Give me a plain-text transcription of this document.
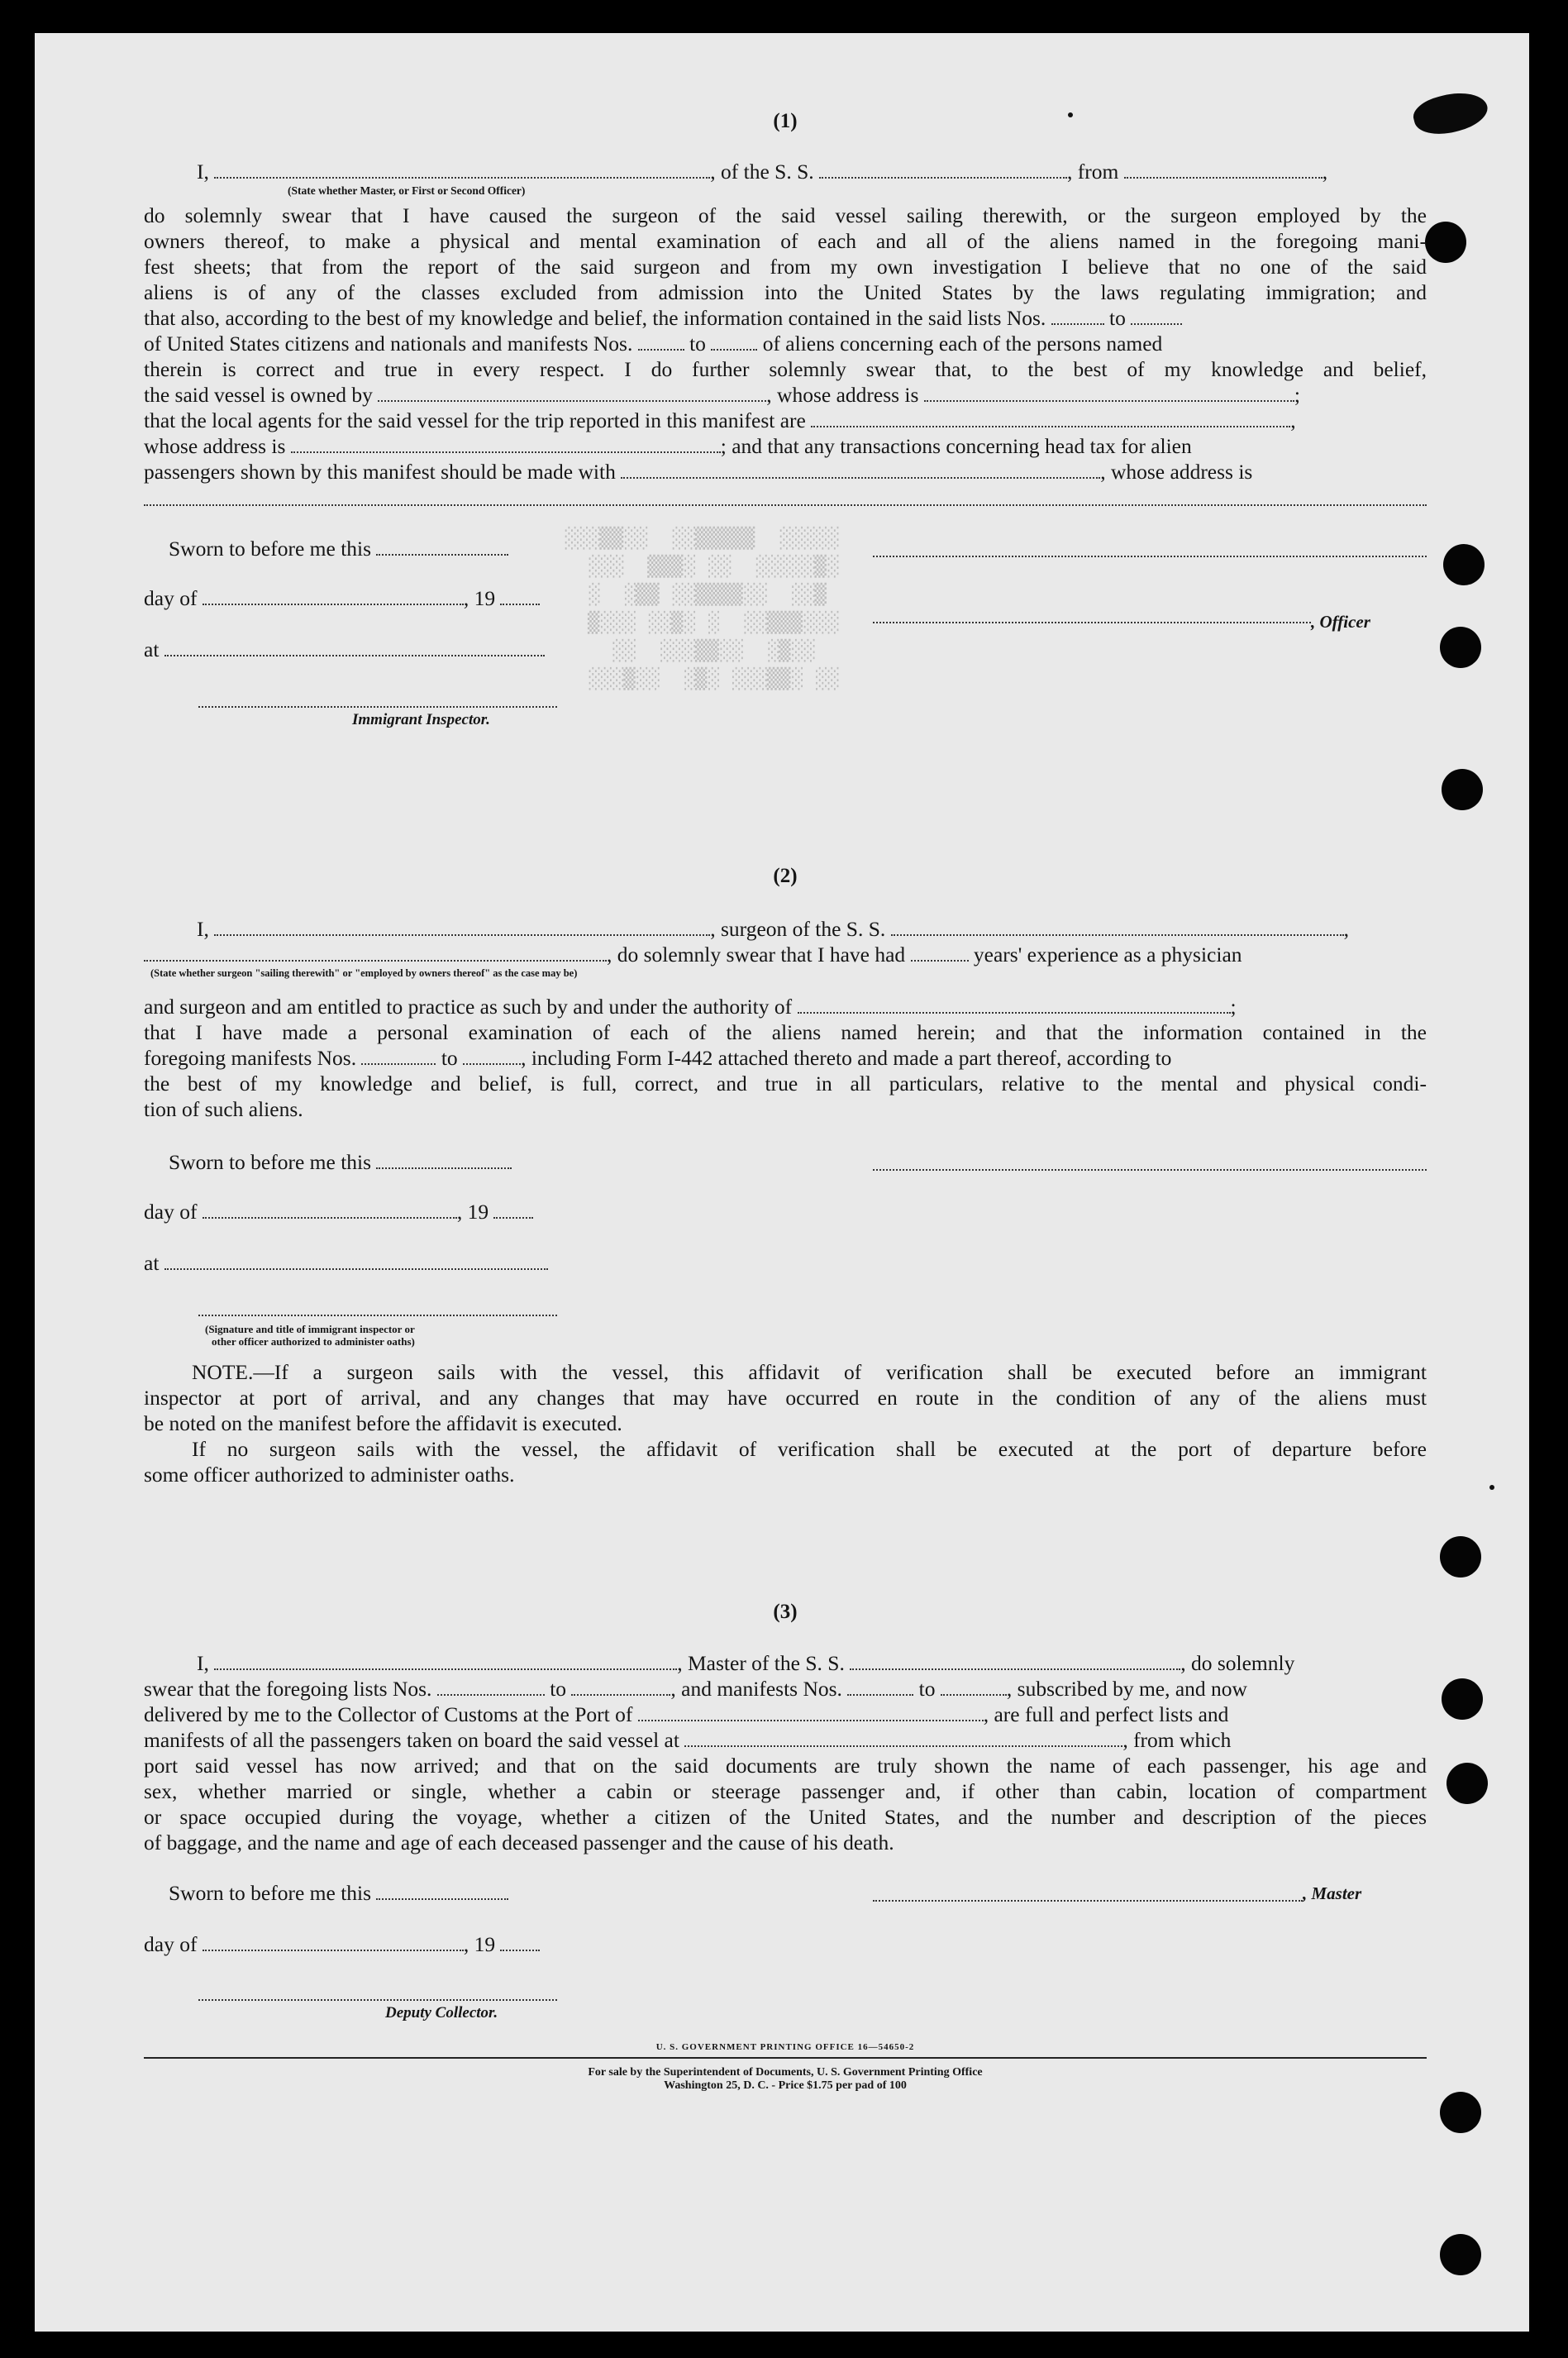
░░░░░  ▒▒▒▒▒░░  ░░▒▒░░░
░▒░░░░░  ░░ ░▒▒▒  ░░░
▒░░  ░░▒▒▒▒░░ ▒▒░  ░
░░░▒▒▒░░  ░ ░▒░░ ░░░▒
░░▒░  ░░▒▒░░░  ░░
░░ ░▒▒░░░ ░▒░  ░░▒░░░

(1)
I,	, of the S. S.	, from	,
(State whether Master, or First or Second Officer)
do solemnly swear that I have caused the surgeon of the said vessel sailing therewith, or the surgeon employed by the
owners thereof, to make a physical and mental examination of each and all of the aliens named in the foregoing mani-
fest sheets; that from the report of the said surgeon and from my own investigation I believe that no one of the said
aliens is of any of the classes excluded from admission into the United States by the laws regulating immigration; and
that also, according to the best of my knowledge and belief, the information contained in the said lists Nos.	to
of United States citizens and nationals and manifests Nos.	to	of aliens concerning each of the persons named
therein is correct and true in every respect. I do further solemnly swear that, to the best of my knowledge and belief,
the said vessel is owned by	, whose address is	;
that the local agents for the said vessel for the trip reported in this manifest are	,
whose address is	; and that any transactions concerning head tax for alien
passengers shown by this manifest should be made with	, whose address is
Sworn to before me this
day of	, 19
, Officer
at
Immigrant Inspector.
(2)
I,	, surgeon of the S. S.	,
, do solemnly swear that I have had	years' experience as a physician
(State whether surgeon "sailing therewith" or "employed by owners thereof" as the case may be)
and surgeon and am entitled to practice as such by and under the authority of	;
that I have made a personal examination of each of the aliens named herein; and that the information contained in the
foregoing manifests Nos.	to	, including Form I-442 attached thereto and made a part thereof, according to
the best of my knowledge and belief, is full, correct, and true in all particulars, relative to the mental and physical condi-
tion of such aliens.
Sworn to before me this
day of	, 19
at
(Signature and title of immigrant inspector or
other officer authorized to administer oaths)
NOTE.—If a surgeon sails with the vessel, this affidavit of verification shall be executed before an immigrant
inspector at port of arrival, and any changes that may have occurred en route in the condition of any of the aliens must
be noted on the manifest before the affidavit is executed.
If no surgeon sails with the vessel, the affidavit of verification shall be executed at the port of departure before
some officer authorized to administer oaths.
(3)
I,	, Master of the S. S.	, do solemnly
swear that the foregoing lists Nos.	to	, and manifests Nos.	to	, subscribed by me, and now
delivered by me to the Collector of Customs at the Port of	, are full and perfect lists and
manifests of all the passengers taken on board the said vessel at	, from which
port said vessel has now arrived; and that on the said documents are truly shown the name of each passenger, his age and
sex, whether married or single, whether a cabin or steerage passenger and, if other than cabin, location of compartment
or space occupied during the voyage, whether a citizen of the United States, and the number and description of the pieces
of baggage, and the name and age of each deceased passenger and the cause of his death.
Sworn to before me this	, Master
day of	, 19
Deputy Collector.
U. S. GOVERNMENT PRINTING OFFICE 16—54650-2
For sale by the Superintendent of Documents, U. S. Government Printing Office
Washington 25, D. C. - Price $1.75 per pad of 100
